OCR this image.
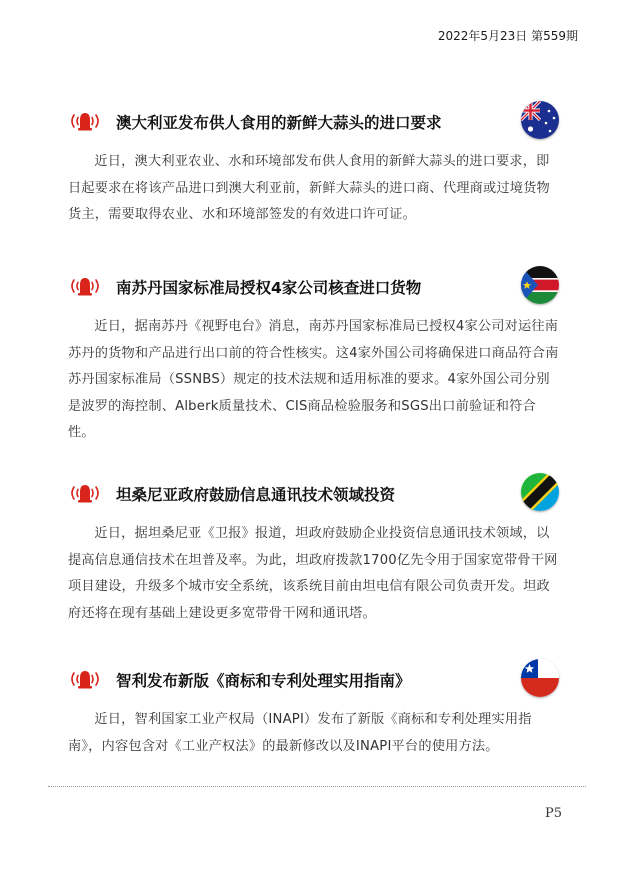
2022年5月23日 第559期
澳大利亚发布供人食用的新鲜大蒜头的进口要求
近日，澳大利亚农业、水和环境部发布供人食用的新鲜大蒜头的进口要求，即日起要求在将该产品进口到澳大利亚前，新鲜大蒜头的进口商、代理商或过境货物货主，需要取得农业、水和环境部签发的有效进口许可证。
南苏丹国家标准局授权4家公司核查进口货物
近日，据南苏丹《视野电台》消息，南苏丹国家标准局已授权4家公司对运往南苏丹的货物和产品进行出口前的符合性核实。这4家外国公司将确保进口商品符合南苏丹国家标准局（SSNBS）规定的技术法规和适用标准的要求。4家外国公司分别是波罗的海控制、Alberk质量技术、CIS商品检验服务和SGS出口前验证和符合性。
坦桑尼亚政府鼓励信息通讯技术领域投资
近日，据坦桑尼亚《卫报》报道，坦政府鼓励企业投资信息通讯技术领域，以提高信息通信技术在坦普及率。为此，坦政府拨款1700亿先令用于国家宽带骨干网项目建设，升级多个城市安全系统，该系统目前由坦电信有限公司负责开发。坦政府还将在现有基础上建设更多宽带骨干网和通讯塔。
智利发布新版《商标和专利处理实用指南》
近日，智利国家工业产权局（INAPI）发布了新版《商标和专利处理实用指南》，内容包含对《工业产权法》的最新修改以及INAPI平台的使用方法。
P5
